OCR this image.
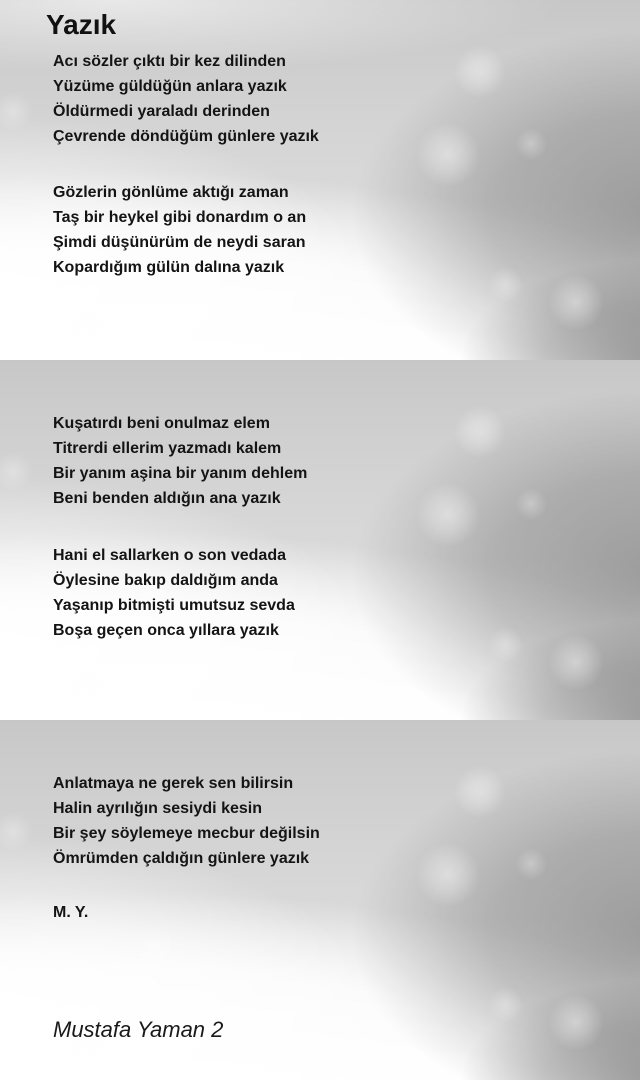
Yazık
Acı sözler çıktı bir kez dilinden
Yüzüme güldüğün anlara yazık
Öldürmedi yaraladı derinden
Çevrende döndüğüm günlere yazık
Gözlerin gönlüme aktığı zaman
Taş bir heykel gibi donardım o an
Şimdi düşünürüm de neydi saran
Kopardığım gülün dalına yazık
Kuşatırdı beni onulmaz elem
Titrerdi ellerim yazmadı kalem
Bir yanım aşina bir yanım dehlem
Beni benden aldığın ana yazık
Hani el sallarken o son vedada
Öylesine bakıp daldığım anda
Yaşanıp bitmişti umutsuz sevda
Boşa geçen onca yıllara yazık
Anlatmaya ne gerek sen bilirsin
Halin ayrılığın sesiydi kesin
Bir şey söylemeye mecbur değilsin
Ömrümden çaldığın günlere yazık
M. Y.
Mustafa Yaman 2
